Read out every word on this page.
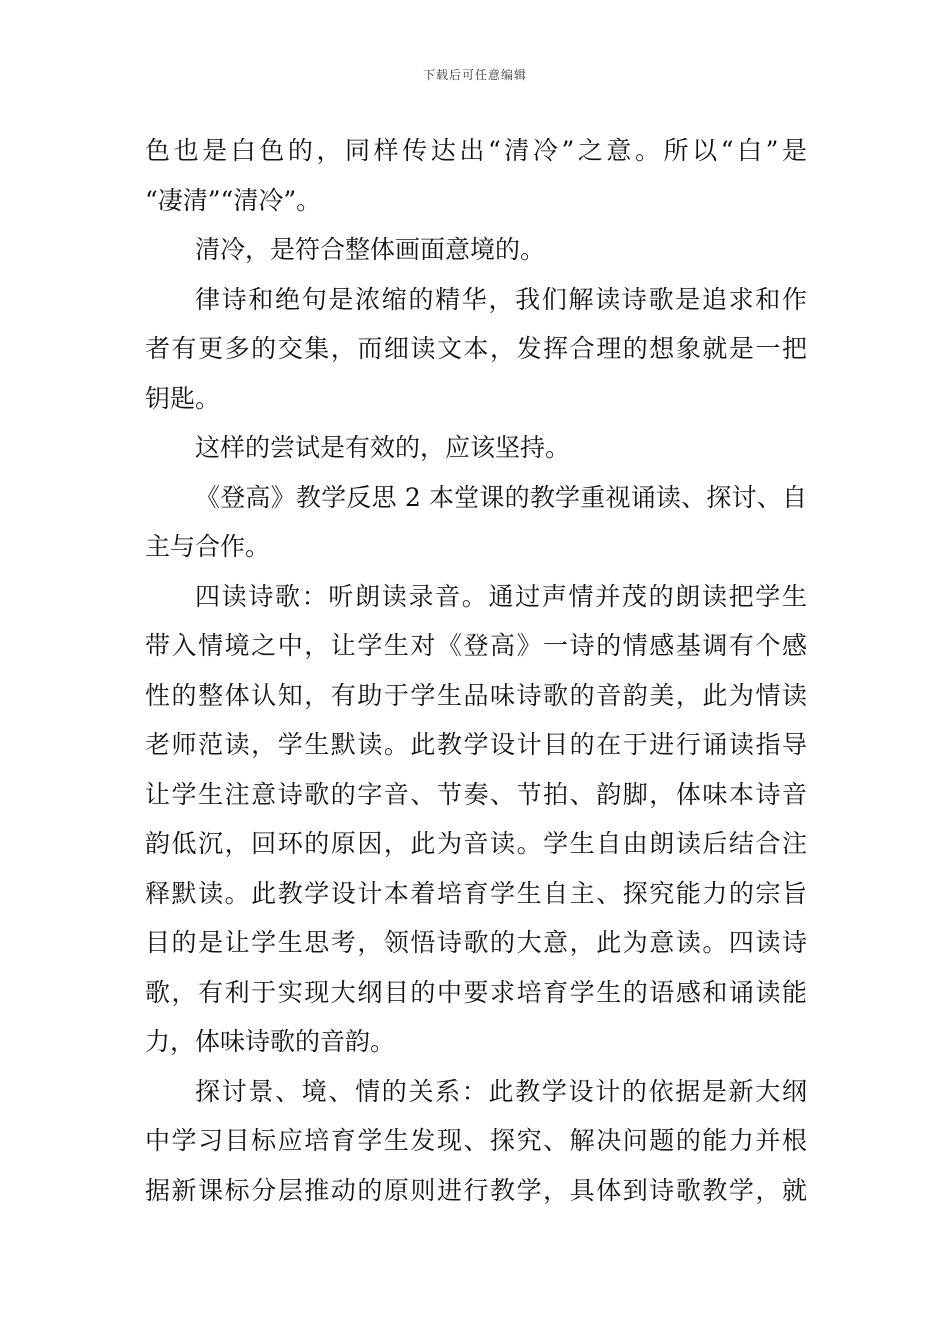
下载后可任意编辑
色也是白色的，同样传达出“清冷”之意。所以“白”是
“凄清”“清冷”。
清冷，是符合整体画面意境的。
律诗和绝句是浓缩的精华，我们解读诗歌是追求和作
者有更多的交集，而细读文本，发挥合理的想象就是一把
钥匙。
这样的尝试是有效的，应该坚持。
《登高》教学反思 2 本堂课的教学重视诵读、探讨、自
主与合作。
四读诗歌：听朗读录音。通过声情并茂的朗读把学生
带入情境之中，让学生对《登高》一诗的情感基调有个感
性的整体认知，有助于学生品味诗歌的音韵美，此为情读
老师范读，学生默读。此教学设计目的在于进行诵读指导
让学生注意诗歌的字音、节奏、节拍、韵脚，体味本诗音
韵低沉，回环的原因，此为音读。学生自由朗读后结合注
释默读。此教学设计本着培育学生自主、探究能力的宗旨
目的是让学生思考，领悟诗歌的大意，此为意读。四读诗
歌，有利于实现大纲目的中要求培育学生的语感和诵读能
力，体味诗歌的音韵。
探讨景、境、情的关系：此教学设计的依据是新大纲
中学习目标应培育学生发现、探究、解决问题的能力并根
据新课标分层推动的原则进行教学，具体到诗歌教学，就
